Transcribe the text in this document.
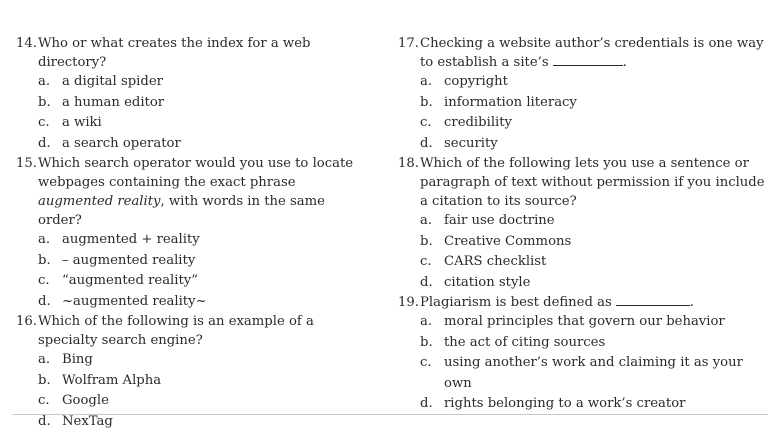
14. Who or what creates the index for a web directory?
a. a digital spider
b. a human editor
c. a wiki
d. a search operator
15. Which search operator would you use to locate webpages containing the exact phrase augmented reality, with words in the same order?
a. augmented + reality
b. – augmented reality
c. “augmented reality”
d. ~augmented reality~
16. Which of the following is an example of a specialty search engine?
a. Bing
b. Wolfram Alpha
c. Google
d. NexTag
17. Checking a website author’s credentials is one way to establish a site’s	.
a. copyright
b. information literacy
c. credibility
d. security
18. Which of the following lets you use a sentence or paragraph of text without permission if you include a citation to its source?
a. fair use doctrine
b. Creative Commons
c. CARS checklist
d. citation style
19. Plagiarism is best defined as	.
a. moral principles that govern our behavior
b. the act of citing sources
c. using another’s work and claiming it as your own
d. rights belonging to a work’s creator
